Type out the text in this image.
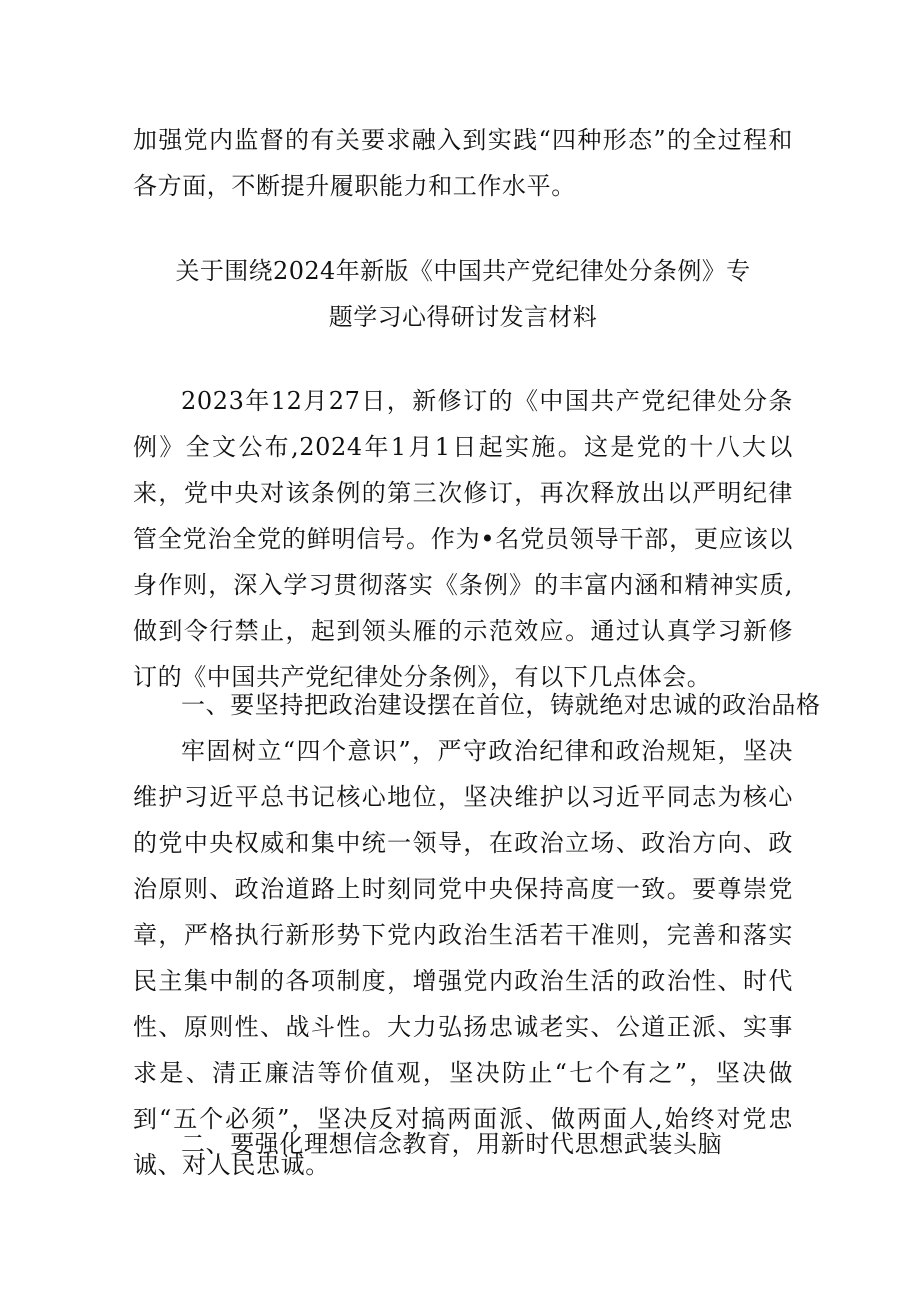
加强党内监督的有关要求融入到实践“四种形态”的全过程和各方面，不断提升履职能力和工作水平。
关于围绕2024年新版《中国共产党纪律处分条例》专
题学习心得研讨发言材料
2023年12月27日，新修订的《中国共产党纪律处分条例》全文公布,2024年1月1日起实施。这是党的十八大以来，党中央对该条例的第三次修订，再次释放出以严明纪律管全党治全党的鲜明信号。作为•名党员领导干部，更应该以身作则，深入学习贯彻落实《条例》的丰富内涵和精神实质,做到令行禁止，起到领头雁的示范效应。通过认真学习新修订的《中国共产党纪律处分条例》，有以下几点体会。
一、要坚持把政治建设摆在首位，铸就绝对忠诚的政治品格
牢固树立“四个意识”，严守政治纪律和政治规矩，坚决维护习近平总书记核心地位，坚决维护以习近平同志为核心的党中央权威和集中统一领导，在政治立场、政治方向、政治原则、政治道路上时刻同党中央保持高度一致。要尊崇党章，严格执行新形势下党内政治生活若干准则，完善和落实民主集中制的各项制度，增强党内政治生活的政治性、时代性、原则性、战斗性。大力弘扬忠诚老实、公道正派、实事求是、清正廉洁等价值观，坚决防止“七个有之”，坚决做到“五个必须”，坚决反对搞两面派、做两面人,始终对党忠诚、对人民忠诚。
二、要强化理想信念教育，用新时代思想武装头脑
